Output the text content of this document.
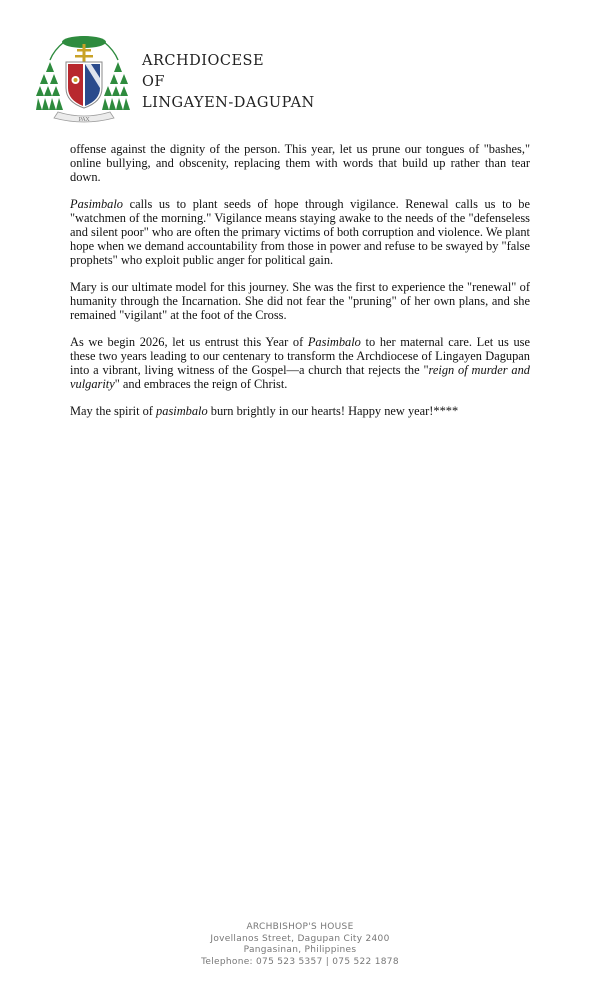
PAX
ARCHDIOCESE
OF
LINGAYEN-DAGUPAN

offense against the dignity of the person. This year, let us prune our tongues of "bashes," online bullying, and obscenity, replacing them with words that build up rather than tear down.

Pasimbalo calls us to plant seeds of hope through vigilance. Renewal calls us to be "watchmen of the morning." Vigilance means staying awake to the needs of the "defenseless and silent poor" who are often the primary victims of both corruption and violence. We plant hope when we demand accountability from those in power and refuse to be swayed by "false prophets" who exploit public anger for political gain.

Mary is our ultimate model for this journey. She was the first to experience the "renewal" of humanity through the Incarnation. She did not fear the "pruning" of her own plans, and she remained "vigilant" at the foot of the Cross.

As we begin 2026, let us entrust this Year of Pasimbalo to her maternal care. Let us use these two years leading to our centenary to transform the Archdiocese of Lingayen Dagupan into a vibrant, living witness of the Gospel—a church that rejects the "reign of murder and vulgarity" and embraces the reign of Christ.

May the spirit of pasimbalo burn brightly in our hearts! Happy new year!****

ARCHBISHOP'S HOUSE
Jovellanos Street, Dagupan City 2400
Pangasinan, Philippines
Telephone: 075 523 5357 | 075 522 1878
